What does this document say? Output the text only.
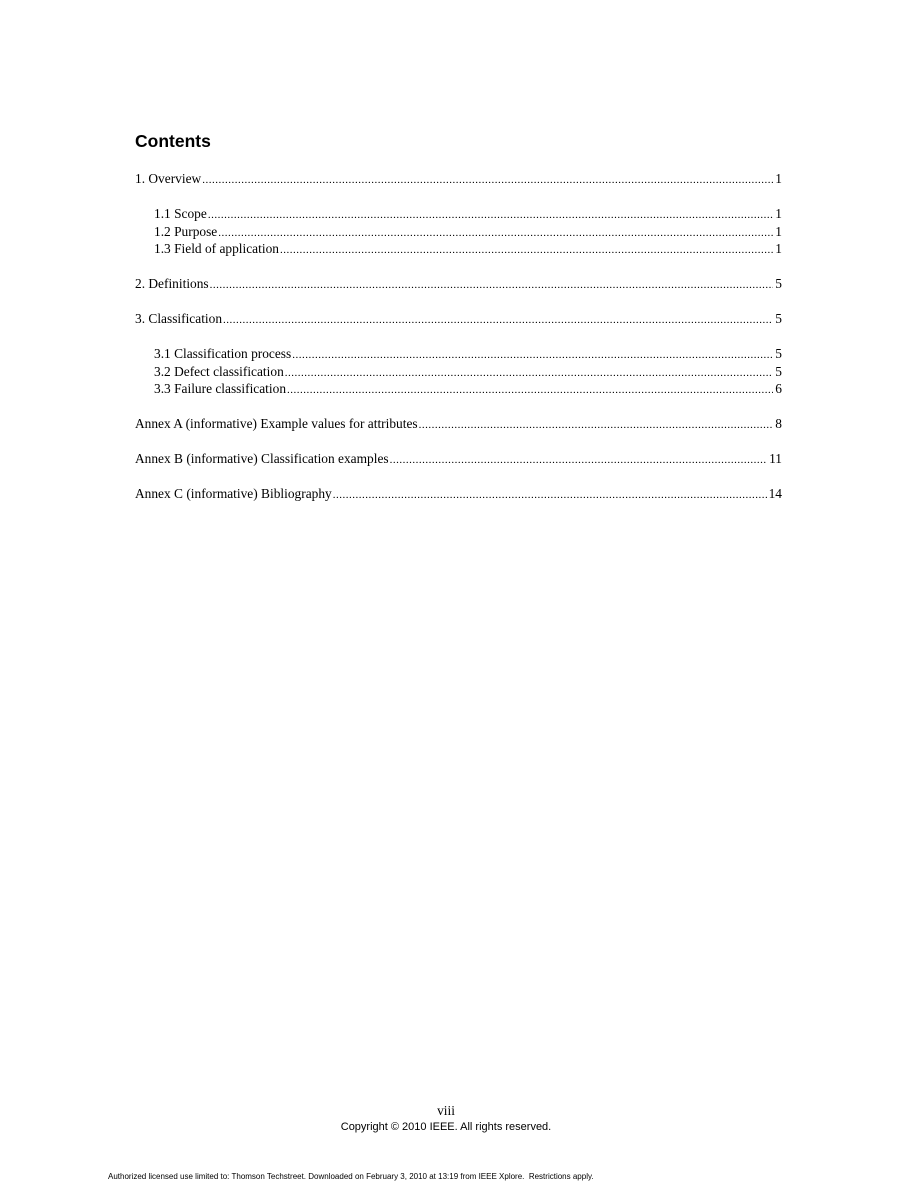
Contents
1. Overview .....	1
1.1 Scope .....	1
1.2 Purpose .....	1
1.3 Field of application .....	1
2. Definitions .....	5
3. Classification .....	5
3.1 Classification process .....	5
3.2 Defect classification .....	5
3.3 Failure classification .....	6
Annex A (informative) Example values for attributes .....	8
Annex B (informative) Classification examples .....	11
Annex C (informative) Bibliography .....	14
viii
Copyright © 2010 IEEE. All rights reserved.
Authorized licensed use limited to: Thomson Techstreet. Downloaded on February 3, 2010 at 13:19 from IEEE Xplore.  Restrictions apply.
